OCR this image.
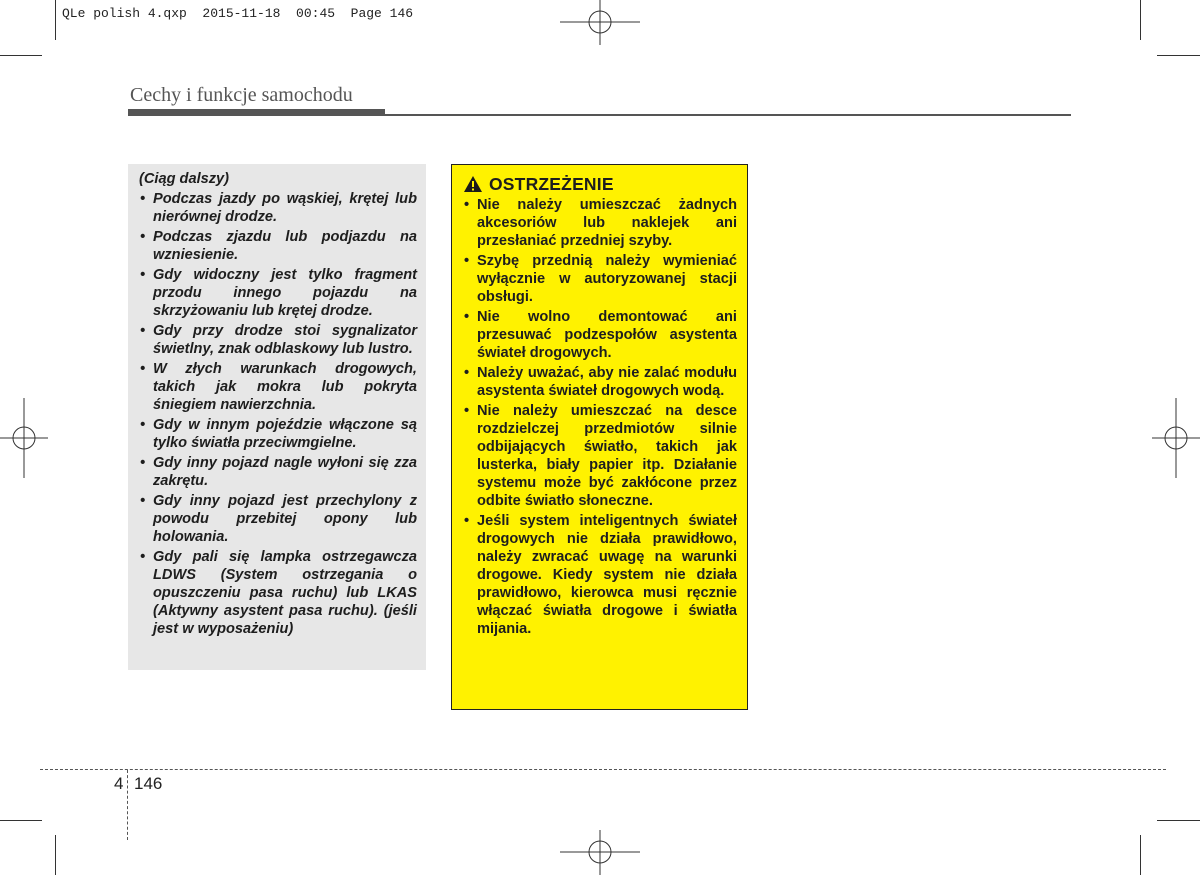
QLe polish 4.qxp  2015-11-18  00:45  Page 146
Cechy i funkcje samochodu
(Ciąg dalszy)
• Podczas jazdy po wąskiej, krętej lub nierównej drodze.
• Podczas zjazdu lub podjazdu na wzniesienie.
• Gdy widoczny jest tylko fragment przodu innego pojazdu na skrzyżowaniu lub krętej drodze.
• Gdy przy drodze stoi sygnalizator świetlny, znak odblaskowy lub lustro.
• W złych warunkach drogowych, takich jak mokra lub pokryta śniegiem nawierzchnia.
• Gdy w innym pojeździe włączone są tylko światła przeciwmgielne.
• Gdy inny pojazd nagle wyłoni się zza zakrętu.
• Gdy inny pojazd jest przechylony z powodu przebitej opony lub holowania.
• Gdy pali się lampka ostrzegawcza LDWS (System ostrzegania o opuszczeniu pasa ruchu) lub LKAS (Aktywny asystent pasa ruchu). (jeśli jest w wyposażeniu)
OSTRZEŻENIE
• Nie należy umieszczać żadnych akcesoriów lub naklejek ani przesłaniać przedniej szyby.
• Szybę przednią należy wymieniać wyłącznie w autoryzowanej stacji obsługi.
• Nie wolno demontować ani przesuwać podzespołów asystenta świateł drogowych.
• Należy uważać, aby nie zalać modułu asystenta świateł drogowych wodą.
• Nie należy umieszczać na desce rozdzielczej przedmiotów silnie odbijających światło, takich jak lusterka, biały papier itp. Działanie systemu może być zakłócone przez odbite światło słoneczne.
• Jeśli system inteligentnych świateł drogowych nie działa prawidłowo, należy zwracać uwagę na warunki drogowe. Kiedy system nie działa prawidłowo, kierowca musi ręcznie włączać światła drogowe i światła mijania.
4 146
